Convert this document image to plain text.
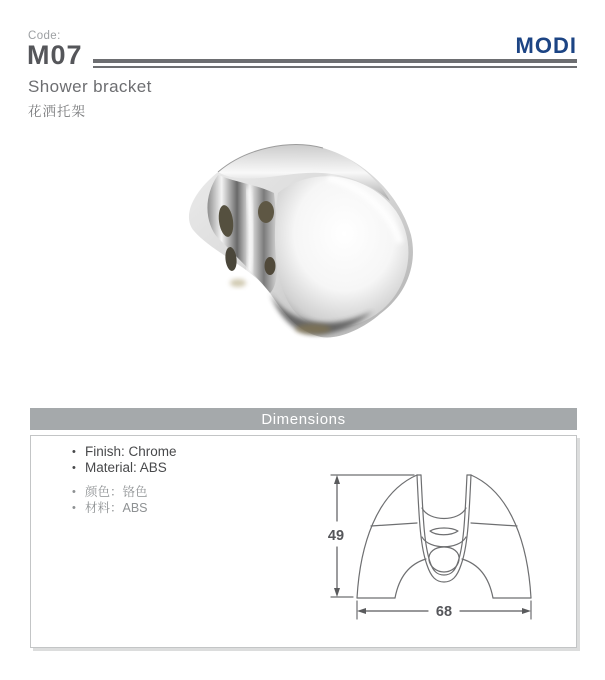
Code:
M07	MODI
Shower bracket
花洒托架
Dimensions
• Finish: Chrome
• Material: ABS
• 颜色：铬色
• 材料：ABS
49
68
